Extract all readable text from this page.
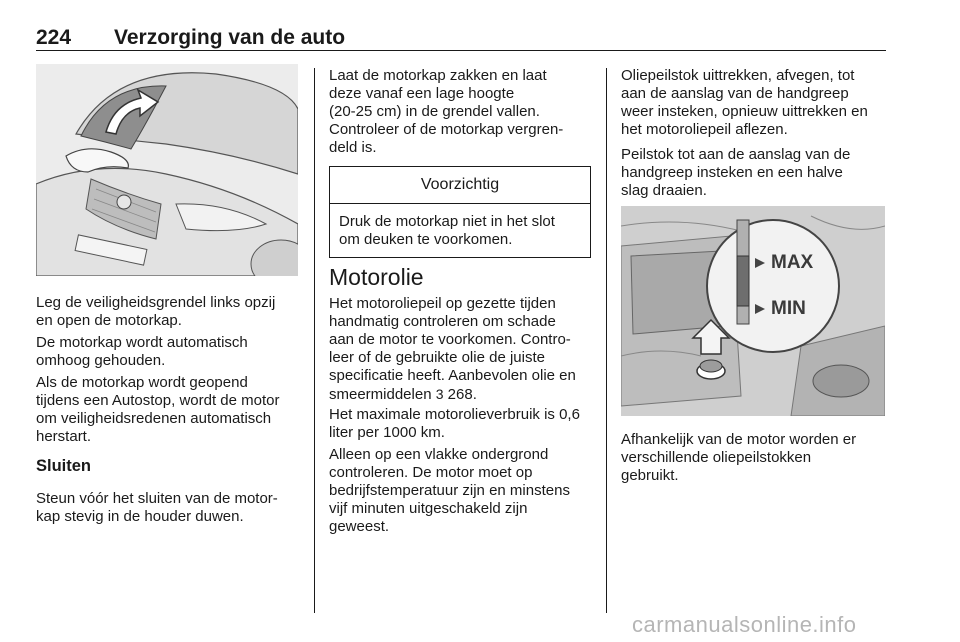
224 Verzorging van de auto
Leg de veiligheidsgrendel links opzij
en open de motorkap.
De motorkap wordt automatisch
omhoog gehouden.
Als de motorkap wordt geopend
tijdens een Autostop, wordt de motor
om veiligheidsredenen automatisch
herstart.
Sluiten
Steun vóór het sluiten van de motor-
kap stevig in de houder duwen.
Laat de motorkap zakken en laat
deze vanaf een lage hoogte
(20-25 cm) in de grendel vallen.
Controleer of de motorkap vergren-
deld is.
Voorzichtig
Druk de motorkap niet in het slot
om deuken te voorkomen.
Motorolie
Het motoroliepeil op gezette tijden
handmatig controleren om schade
aan de motor te voorkomen. Contro-
leer of de gebruikte olie de juiste
specificatie heeft. Aanbevolen olie en
smeermiddelen 3 268.
Het maximale motorolieverbruik is 0,6
liter per 1000 km.
Alleen op een vlakke ondergrond
controleren. De motor moet op
bedrijfstemperatuur zijn en minstens
vijf minuten uitgeschakeld zijn
geweest.
Oliepeilstok uittrekken, afvegen, tot
aan de aanslag van de handgreep
weer insteken, opnieuw uittrekken en
het motoroliepeil aflezen.
Peilstok tot aan de aanslag van de
handgreep insteken en een halve
slag draaien.
MAX
MIN
Afhankelijk van de motor worden er
verschillende oliepeilstokken
gebruikt.
carmanualsonline.info
